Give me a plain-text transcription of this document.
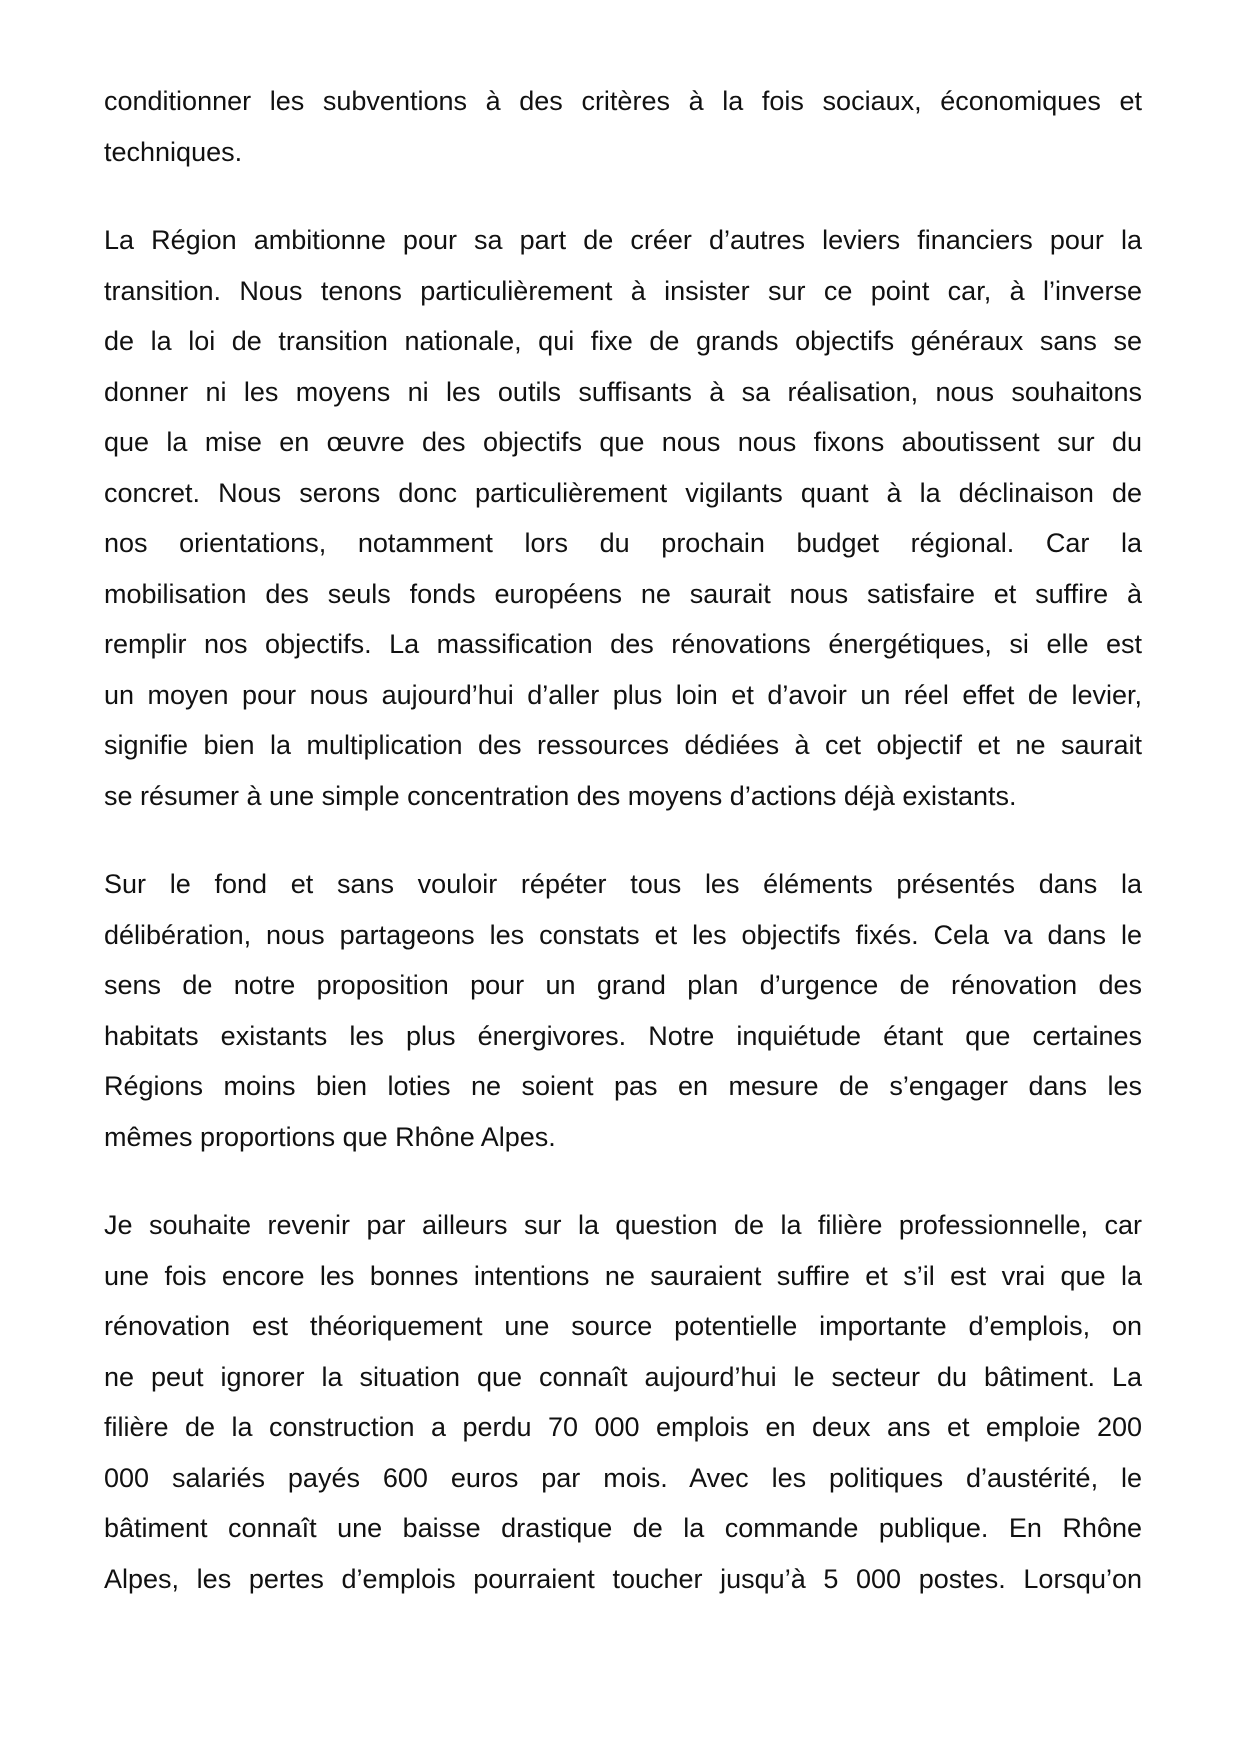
conditionner les subventions à des critères à la fois sociaux, économiques et
techniques.

La Région ambitionne pour sa part de créer d’autres leviers financiers pour la
transition. Nous tenons particulièrement à insister sur ce point car, à l’inverse
de la loi de transition nationale, qui fixe de grands objectifs généraux sans se
donner ni les moyens ni les outils suffisants à sa réalisation, nous souhaitons
que la mise en œuvre des objectifs que nous nous fixons aboutissent sur du
concret. Nous serons donc particulièrement vigilants quant à la déclinaison de
nos orientations, notamment lors du prochain budget régional. Car la
mobilisation des seuls fonds européens ne saurait nous satisfaire et suffire à
remplir nos objectifs. La massification des rénovations énergétiques, si elle est
un moyen pour nous aujourd’hui d’aller plus loin et d’avoir un réel effet de levier,
signifie bien la multiplication des ressources dédiées à cet objectif et ne saurait
se résumer à une simple concentration des moyens d’actions déjà existants.

Sur le fond et sans vouloir répéter tous les éléments présentés dans la
délibération, nous partageons les constats et les objectifs fixés. Cela va dans le
sens de notre proposition pour un grand plan d’urgence de rénovation des
habitats existants les plus énergivores. Notre inquiétude étant que certaines
Régions moins bien loties ne soient pas en mesure de s’engager dans les
mêmes proportions que Rhône Alpes.

Je souhaite revenir par ailleurs sur la question de la filière professionnelle, car
une fois encore les bonnes intentions ne sauraient suffire et s’il est vrai que la
rénovation est théoriquement une source potentielle importante d’emplois, on
ne peut ignorer la situation que connaît aujourd’hui le secteur du bâtiment. La
filière de la construction a perdu 70 000 emplois en deux ans et emploie 200
000 salariés payés 600 euros par mois. Avec les politiques d’austérité, le
bâtiment connaît une baisse drastique de la commande publique. En Rhône
Alpes, les pertes d’emplois pourraient toucher jusqu’à 5 000 postes. Lorsqu’on
